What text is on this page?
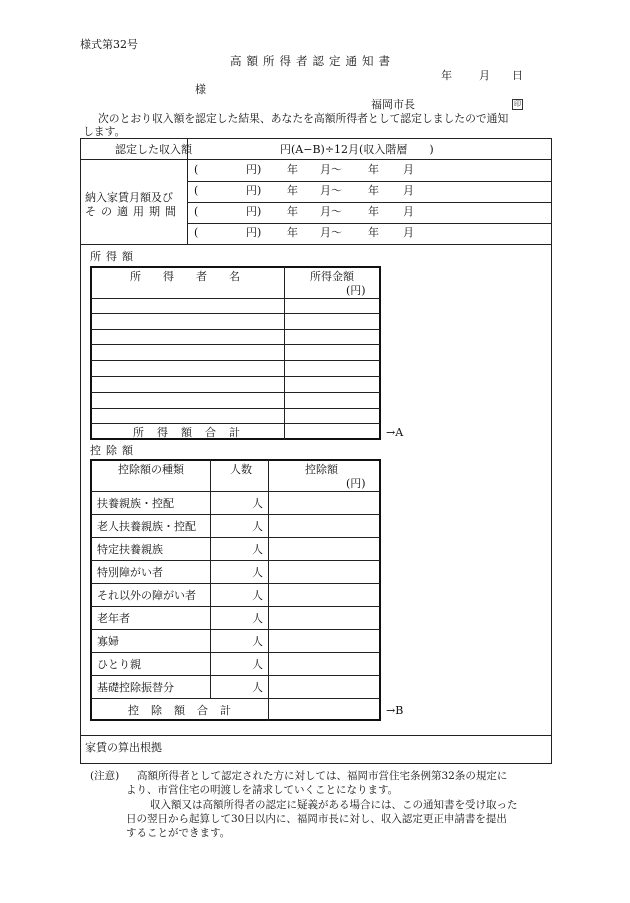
様式第32号
高額所得者認定通知書
年 月 日
様
福岡市長	印
次のとおり収入額を認定した結果、あなたを高額所得者として認定しましたので通知
します。
認定した収入額	円(A−B)÷12月(収入階層　　)
納入家賃月額及び
その適用期間
(	円) 年 月〜 年 月
(	円) 年 月〜 年 月
(	円) 年 月〜 年 月
(	円) 年 月〜 年 月
所得額
所得者名	所得金額
(円)
所得額合計	→A
控除額
控除額の種類	人数	控除額
(円)
扶養親族・控配	人
老人扶養親族・控配	人
特定扶養親族	人
特別障がい者	人
それ以外の障がい者	人
老年者	人
寡婦	人
ひとり親	人
基礎控除振替分	人
控除額合計	→B
家賃の算出根拠
(注意) 高額所得者として認定された方に対しては、福岡市営住宅条例第32条の規定に
より、市営住宅の明渡しを請求していくことになります。
収入額又は高額所得者の認定に疑義がある場合には、この通知書を受け取った
日の翌日から起算して30日以内に、福岡市長に対し、収入認定更正申請書を提出
することができます。
